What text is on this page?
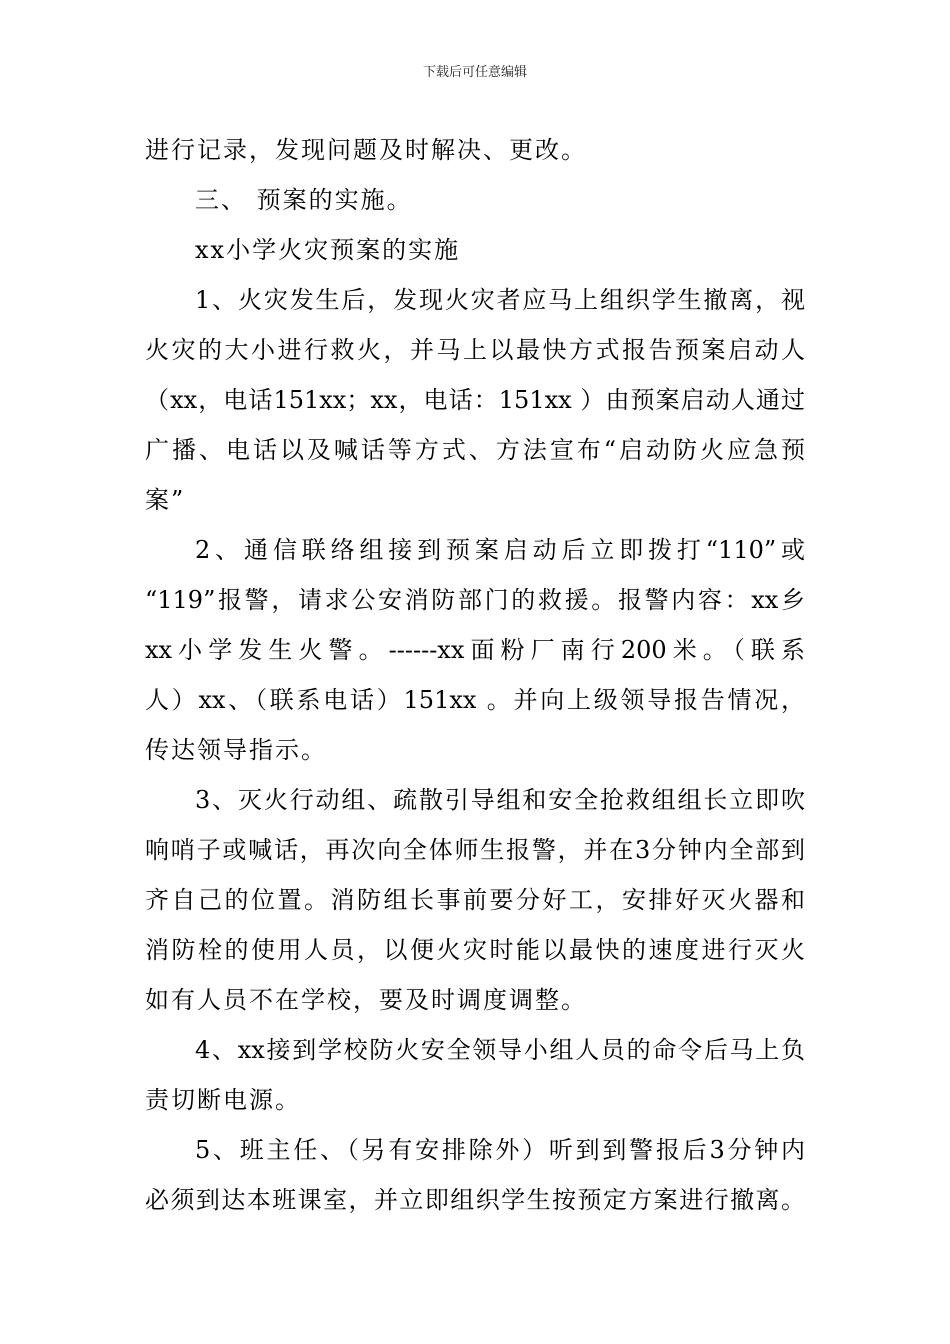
下载后可任意编辑
进行记录，发现问题及时解决、更改。
三、 预案的实施。
xx小学火灾预案的实施
1、火灾发生后，发现火灾者应马上组织学生撤离，视
火灾的大小进行救火，并马上以最快方式报告预案启动人
（xx，电话151xx；xx，电话：151xx ）由预案启动人通过
广播、电话以及喊话等方式、方法宣布“启动防火应急预
案”
2、通信联络组接到预案启动后立即拨打“110”或
“119”报警，请求公安消防部门的救援。报警内容：xx乡
xx小学发生火警。------xx面粉厂南行200米。（联系
人）xx、（联系电话）151xx 。并向上级领导报告情况，
传达领导指示。
3、灭火行动组、疏散引导组和安全抢救组组长立即吹
响哨子或喊话，再次向全体师生报警，并在3分钟内全部到
齐自己的位置。消防组长事前要分好工，安排好灭火器和
消防栓的使用人员，以便火灾时能以最快的速度进行灭火
如有人员不在学校，要及时调度调整。
4、xx接到学校防火安全领导小组人员的命令后马上负
责切断电源。
5、班主任、（另有安排除外）听到到警报后3分钟内
必须到达本班课室，并立即组织学生按预定方案进行撤离。
